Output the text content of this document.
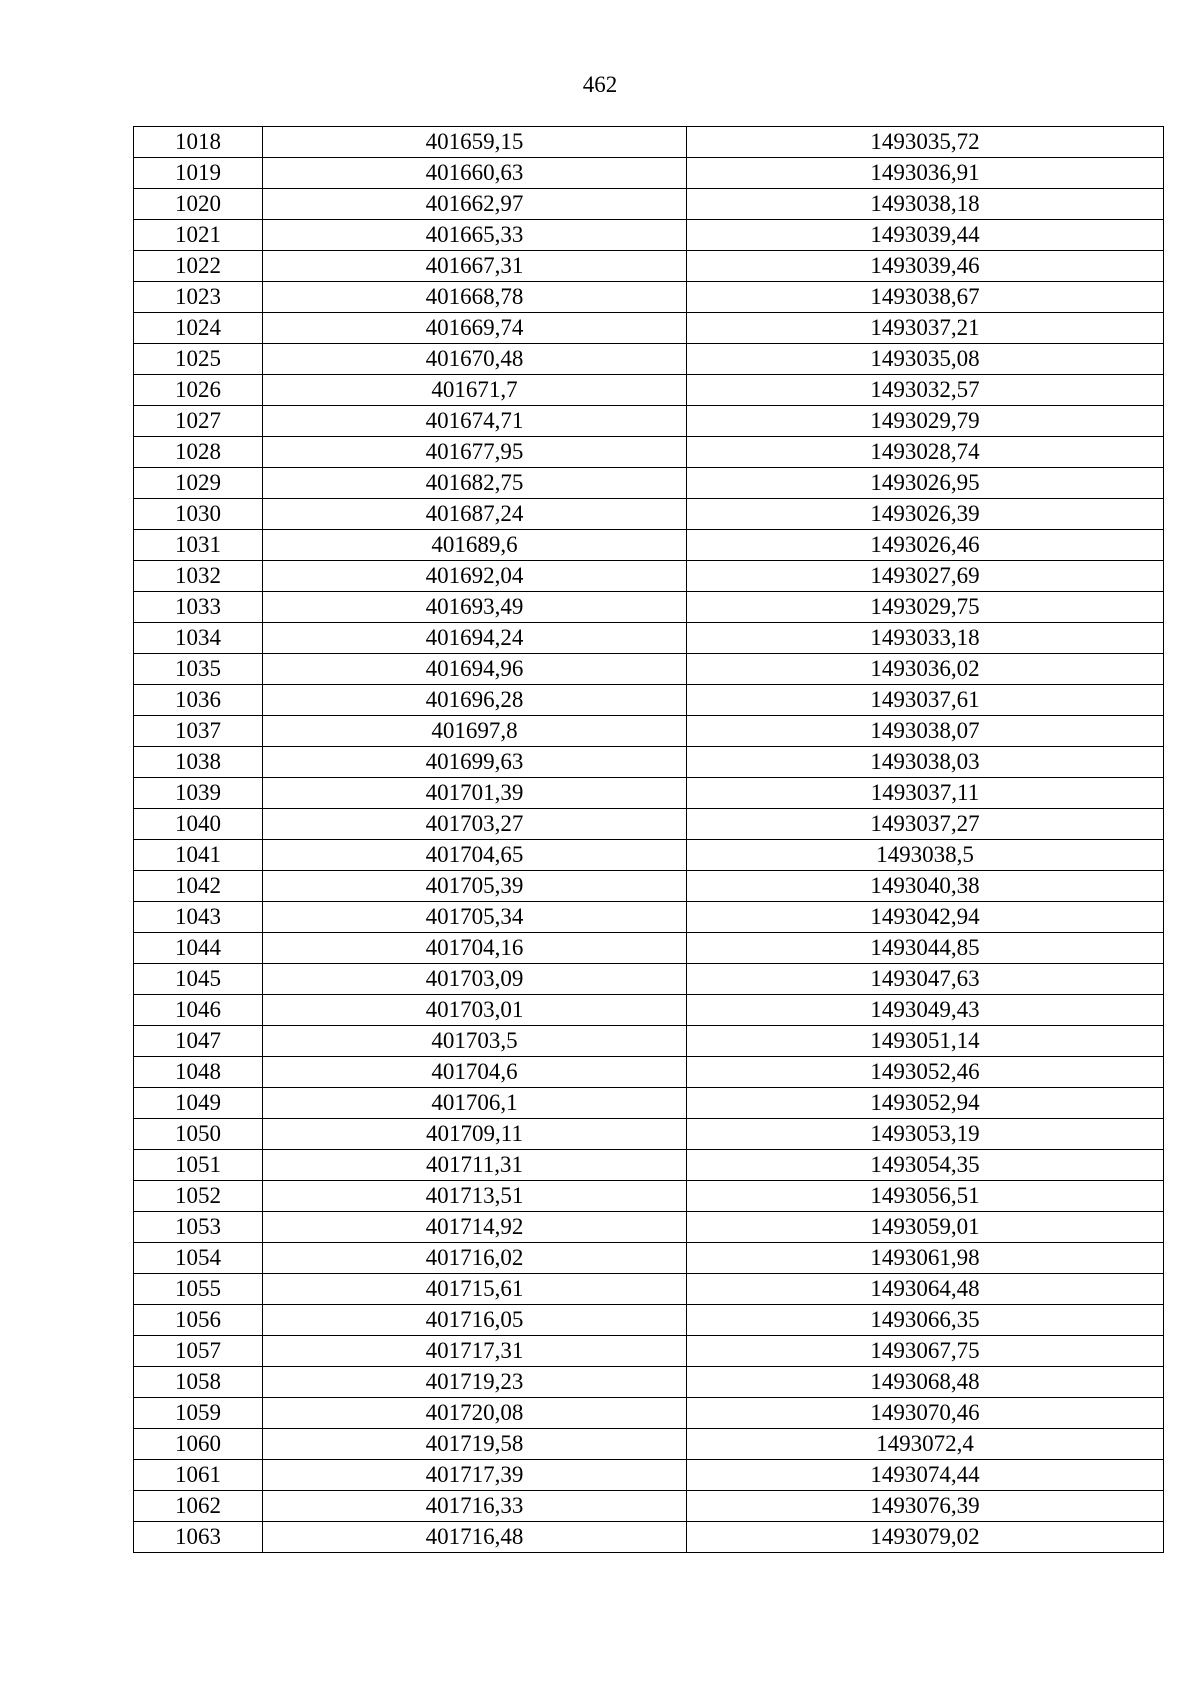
462
1018	401659,15	1493035,72
1019	401660,63	1493036,91
1020	401662,97	1493038,18
1021	401665,33	1493039,44
1022	401667,31	1493039,46
1023	401668,78	1493038,67
1024	401669,74	1493037,21
1025	401670,48	1493035,08
1026	401671,7	1493032,57
1027	401674,71	1493029,79
1028	401677,95	1493028,74
1029	401682,75	1493026,95
1030	401687,24	1493026,39
1031	401689,6	1493026,46
1032	401692,04	1493027,69
1033	401693,49	1493029,75
1034	401694,24	1493033,18
1035	401694,96	1493036,02
1036	401696,28	1493037,61
1037	401697,8	1493038,07
1038	401699,63	1493038,03
1039	401701,39	1493037,11
1040	401703,27	1493037,27
1041	401704,65	1493038,5
1042	401705,39	1493040,38
1043	401705,34	1493042,94
1044	401704,16	1493044,85
1045	401703,09	1493047,63
1046	401703,01	1493049,43
1047	401703,5	1493051,14
1048	401704,6	1493052,46
1049	401706,1	1493052,94
1050	401709,11	1493053,19
1051	401711,31	1493054,35
1052	401713,51	1493056,51
1053	401714,92	1493059,01
1054	401716,02	1493061,98
1055	401715,61	1493064,48
1056	401716,05	1493066,35
1057	401717,31	1493067,75
1058	401719,23	1493068,48
1059	401720,08	1493070,46
1060	401719,58	1493072,4
1061	401717,39	1493074,44
1062	401716,33	1493076,39
1063	401716,48	1493079,02
